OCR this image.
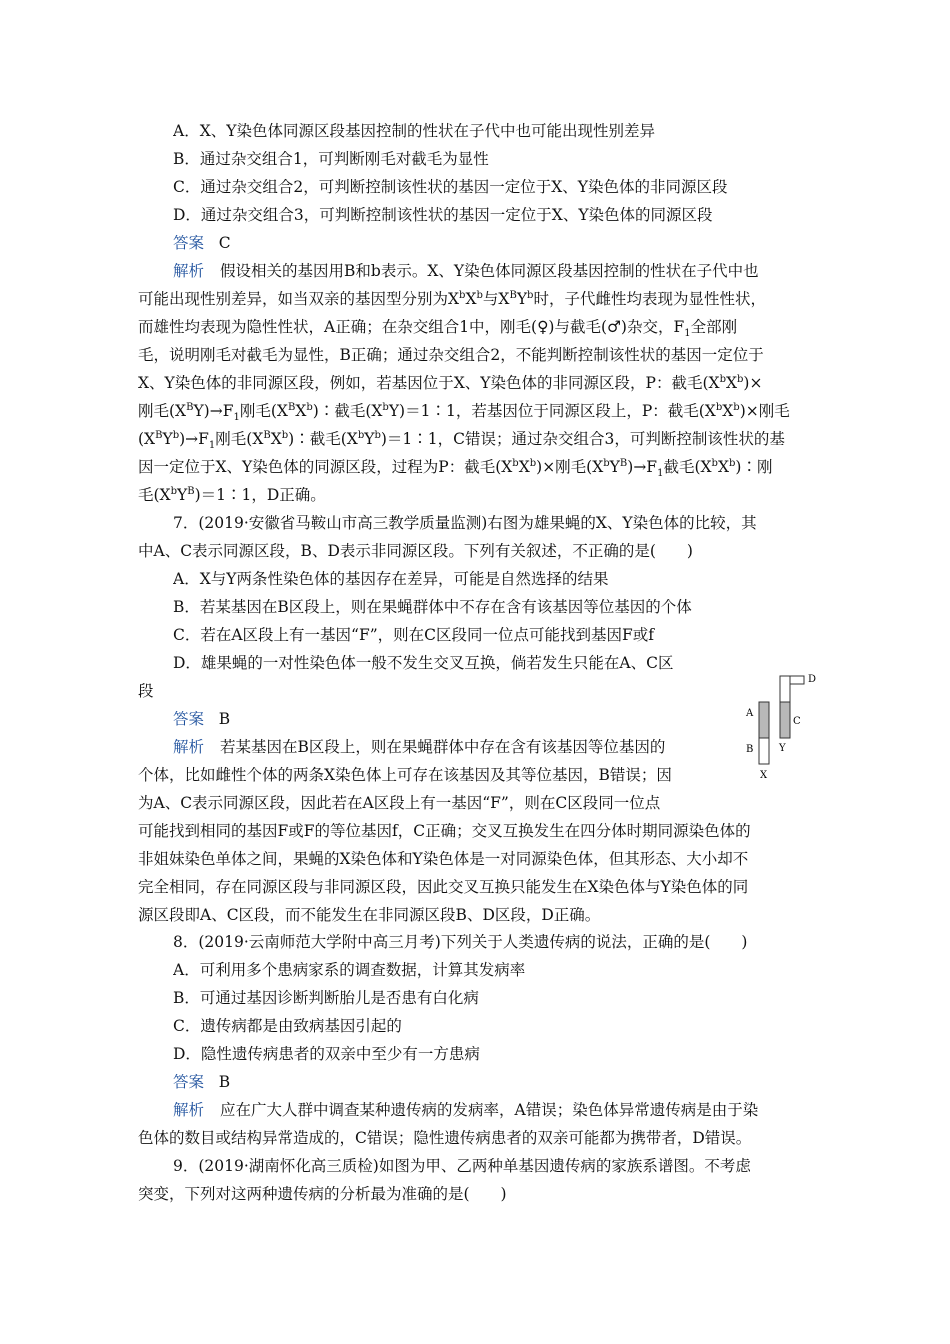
A．X、Y染色体同源区段基因控制的性状在子代中也可能出现性别差异
B．通过杂交组合1，可判断刚毛对截毛为显性
C．通过杂交组合2，可判断控制该性状的基因一定位于X、Y染色体的非同源区段
D．通过杂交组合3，可判断控制该性状的基因一定位于X、Y染色体的同源区段
答案 C
解析 假设相关的基因用B和b表示。X、Y染色体同源区段基因控制的性状在子代中也
可能出现性别差异，如当双亲的基因型分别为$X^bX^b$与$X^BY^b$时，子代雌性均表现为显性性状，
而雄性均表现为隐性性状，A正确；在杂交组合1中，刚毛(♀)与截毛(♂)杂交，$F_1$全部刚
毛，说明刚毛对截毛为显性，B正确；通过杂交组合2，不能判断控制该性状的基因一定位于
X、Y染色体的非同源区段，例如，若基因位于X、Y染色体的非同源区段，P：截毛$(X^bX^b)\times$
刚毛$(X^BY)\to F_1$刚毛$(X^BX^b)∶$截毛$(X^bY)=1∶1$，若基因位于同源区段上，P：截毛$(X^bX^b)\times$刚毛
$(X^BY^b)\to F_1$刚毛$(X^BX^b)∶$截毛$(X^bY^b)=1∶1$，C错误；通过杂交组合3，可判断控制该性状的基
因一定位于X、Y染色体的同源区段，过程为P：截毛$(X^bX^b)\times$刚毛$(X^bY^B)\to F_1$截毛$(X^bX^b)∶$刚
毛$(X^bY^B)=1∶1$，D正确。
7．(2019·安徽省马鞍山市高三教学质量监测)右图为雄果蝇的X、Y染色体的比较，其
中A、C表示同源区段，B、D表示非同源区段。下列有关叙述，不正确的是(　　)
A．X与Y两条性染色体的基因存在差异，可能是自然选择的结果
B．若某基因在B区段上，则在果蝇群体中不存在含有该基因等位基因的个体
C．若在A区段上有一基因“F”，则在C区段同一位点可能找到基因F或f
D．雄果蝇的一对性染色体一般不发生交叉互换，倘若发生只能在A、C区
段
答案 B
解析 若某基因在B区段上，则在果蝇群体中存在含有该基因等位基因的
个体，比如雌性个体的两条X染色体上可存在该基因及其等位基因，B错误；因
为A、C表示同源区段，因此若在A区段上有一基因“F”，则在C区段同一位点
可能找到相同的基因F或F的等位基因f，C正确；交叉互换发生在四分体时期同源染色体的
非姐妹染色单体之间，果蝇的X染色体和Y染色体是一对同源染色体，但其形态、大小却不
完全相同，存在同源区段与非同源区段，因此交叉互换只能发生在X染色体与Y染色体的同
源区段即A、C区段，而不能发生在非同源区段B、D区段，D正确。
A
B
C
D
Y
X
8．(2019·云南师范大学附中高三月考)下列关于人类遗传病的说法，正确的是(　　)
A．可利用多个患病家系的调查数据，计算其发病率
B．可通过基因诊断判断胎儿是否患有白化病
C．遗传病都是由致病基因引起的
D．隐性遗传病患者的双亲中至少有一方患病
答案 B
解析 应在广大人群中调查某种遗传病的发病率，A错误；染色体异常遗传病是由于染
色体的数目或结构异常造成的，C错误；隐性遗传病患者的双亲可能都为携带者，D错误。
9．(2019·湖南怀化高三质检)如图为甲、乙两种单基因遗传病的家族系谱图。不考虑
突变，下列对这两种遗传病的分析最为准确的是(　　)
